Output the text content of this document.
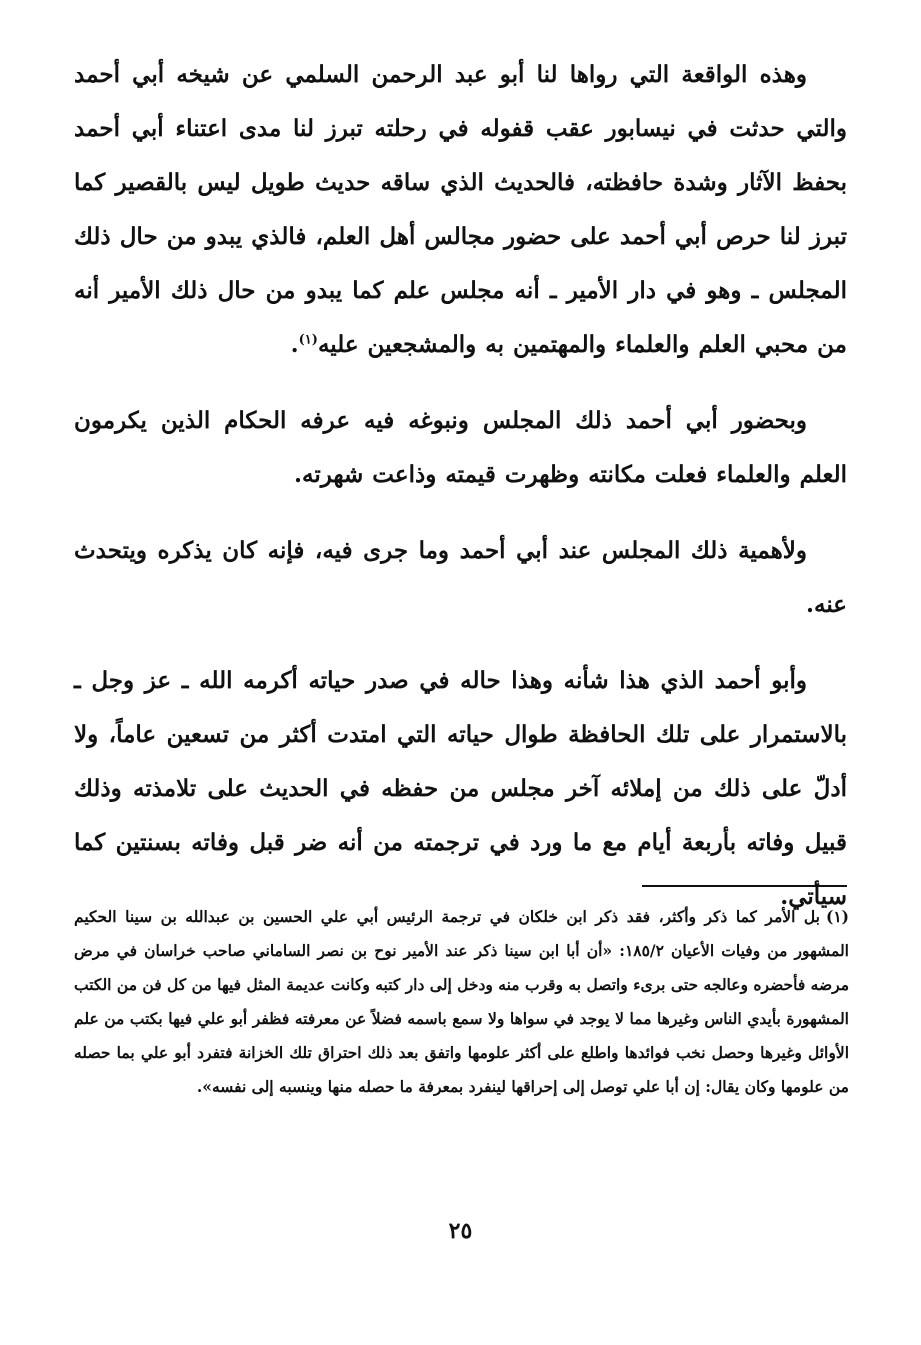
وهذه الواقعة التي رواها لنا أبو عبد الرحمن السلمي عن شيخه أبي أحمد والتي حدثت في نيسابور عقب قفوله في رحلته تبرز لنا مدى اعتناء أبي أحمد بحفظ الآثار وشدة حافظته، فالحديث الذي ساقه حديث طويل ليس بالقصير كما تبرز لنا حرص أبي أحمد على حضور مجالس أهل العلم، فالذي يبدو من حال ذلك المجلس ـ وهو في دار الأمير ـ أنه مجلس علم كما يبدو من حال ذلك الأمير أنه من محبي العلم والعلماء والمهتمين به والمشجعين عليه$^{(١)}$.

وبحضور أبي أحمد ذلك المجلس ونبوغه فيه عرفه الحكام الذين يكرمون العلم والعلماء فعلت مكانته وظهرت قيمته وذاعت شهرته.

ولأهمية ذلك المجلس عند أبي أحمد وما جرى فيه، فإنه كان يذكره ويتحدث عنه.

وأبو أحمد الذي هذا شأنه وهذا حاله في صدر حياته أكرمه الله ـ عز وجل ـ بالاستمرار على تلك الحافظة طوال حياته التي امتدت أكثر من تسعين عاماً، ولا أدلّ على ذلك من إملائه آخر مجلس من حفظه في الحديث على تلامذته وذلك قبيل وفاته بأربعة أيام مع ما ورد في ترجمته من أنه ضر قبل وفاته بسنتين كما سيأتي.

(١)بل الأمر كما ذكر وأكثر، فقد ذكر ابن خلكان في ترجمة الرئيس أبي علي الحسين بن عبدالله بن سينا الحكيم المشهور من وفيات الأعيان ١٨٥/٢: «أن أبا ابن سينا ذكر عند الأمير نوح بن نصر الساماني صاحب خراسان في مرض مرضه فأحضره وعالجه حتى برىء واتصل به وقرب منه ودخل إلى دار كتبه وكانت عديمة المثل فيها من كل فن من الكتب المشهورة بأيدي الناس وغيرها مما لا يوجد في سواها ولا سمع باسمه فضلاً عن معرفته فظفر أبو علي فيها بكتب من علم الأوائل وغيرها وحصل نخب فوائدها واطلع على أكثر علومها واتفق بعد ذلك احتراق تلك الخزانة فتفرد أبو علي بما حصله من علومها وكان يقال: إن أبا علي توصل إلى إحراقها لينفرد بمعرفة ما حصله منها وينسبه إلى نفسه».

٢٥
